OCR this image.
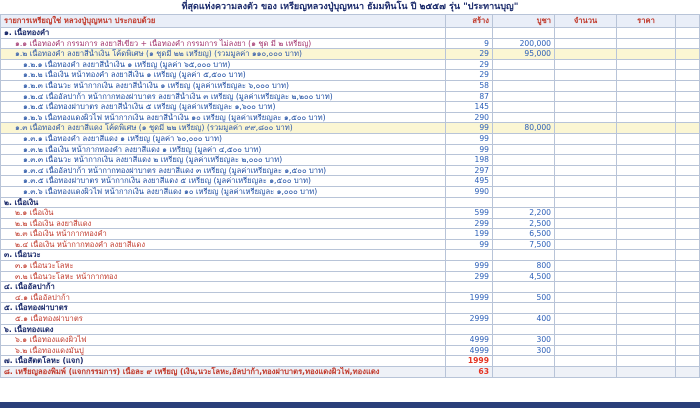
ที่สุดแห่งความลงตัว ของ เหรียญหลวงปู่บุญหนา ธัมมทินโน ปี ๒๕๕๗ รุ่น "ประทานบุญ"
รายการเหรียญใช่ หลวงปู่บุญหนา ประกอบด้วย	สร้าง	บูชา	จำนวน	ราคา	
๑. เนื้อทองคำ					
๑.๑ เนื้อทองคำ กรรมการ ลงยาสีเขียว + เนื้อทองคำ กรรมการ ไม่ลงยา (๑ ชุด มี ๒ เหรียญ)	9	200,000			
๑.๒ เนื้อทองคำ ลงยาสีน้ำเงิน โค้ดพิเศษ (๑ ชุดมี ๒๒ เหรียญ) (รวมมูลค่า ๑๑๐,๐๐๐ บาท)	29	95,000			
๑.๒.๑ เนื้อทองคำ ลงยาสีน้ำเงิน ๑ เหรียญ (มูลค่า ๖๕,๐๐๐ บาท)	29				
๑.๒.๒ เนื้อเงิน หน้าทองคำ ลงยาสีเงิน ๑ เหรียญ (มูลค่า ๕,๕๐๐ บาท)	29				
๑.๒.๓ เนื้อนวะ หน้ากากเงิน ลงยาสีน้ำเงิน ๑ เหรียญ (มูลค่าเหรียญละ ๖,๐๐๐ บาท)	58				
๑.๒.๔ เนื้ออัลปาก้า หน้ากากทองฝาบาตร ลงยาสีน้ำเงิน ๓ เหรียญ (มูลค่าเหรียญละ ๒,๒๐๐ บาท)	87				
๑.๒.๕ เนื้อทองฝาบาตร ลงยาสีน้ำเงิน ๕ เหรียญ (มูลค่าเหรียญละ ๑,๖๐๐ บาท)	145				
๑.๒.๖ เนื้อทองแดงผิวไฟ หน้ากากเงิน ลงยาสีน้ำเงิน ๑๐ เหรียญ (มูลค่าเหรียญละ ๑,๕๐๐ บาท)	290				
๑.๓ เนื้อทองคำ ลงยาสีแดง โค้ดพิเศษ (๑ ชุดมี ๒๒ เหรียญ) (รวมมูลค่า ๙๙,๘๐๐ บาท)	99	80,000			
๑.๓.๑ เนื้อทองคำ ลงยาสีแดง ๑ เหรียญ (มูลค่า ๖๐,๐๐๐ บาท)	99				
๑.๓.๒ เนื้อเงิน หน้ากากทองคำ ลงยาสีแดง ๑ เหรียญ (มูลค่า ๔,๕๐๐ บาท)	99				
๑.๓.๓ เนื้อนวะ หน้ากากเงิน ลงยาสีแดง ๒ เหรียญ (มูลค่าเหรียญละ ๒,๐๐๐ บาท)	198				
๑.๓.๔ เนื้ออัลปาก้า หน้ากากทองฝาบาตร ลงยาสีแดง ๓ เหรียญ (มูลค่าเหรียญละ ๑,๕๐๐ บาท)	297				
๑.๓.๕ เนื้อทองฝาบาตร หน้ากากเงิน ลงยาสีแดง ๕ เหรียญ (มูลค่าเหรียญละ ๑,๕๐๐ บาท)	495				
๑.๓.๖ เนื้อทองแดงผิวไฟ หน้ากากเงิน ลงยาสีแดง ๑๐ เหรียญ (มูลค่าเหรียญละ ๑,๐๐๐ บาท)	990				
๒. เนื้อเงิน					
๒.๑ เนื้อเงิน	599	2,200			
๒.๒ เนื้อเงิน ลงยาสีแดง	299	2,500			
๒.๓ เนื้อเงิน หน้ากากทองคำ	199	6,500			
๒.๔ เนื้อเงิน หน้ากากทองคำ ลงยาสีแดง	99	7,500			
๓. เนื้อนวะ					
๓.๑ เนื้อนวะโลหะ	999	800			
๓.๒ เนื้อนวะโลหะ หน้ากากทอง	299	4,500			
๔. เนื้ออัลปาก้า					
๔.๑ เนื้ออัลปาก้า	1999	500			
๕. เนื้อทองฝาบาตร					
๕.๑ เนื้อทองฝาบาตร	2999	400			
๖. เนื้อทองแดง					
๖.๑ เนื้อทองแดงผิวไฟ	4999	300			
๖.๒ เนื้อทองแดงมันปู	4999	300			
๗. เนื้อสัตตโลหะ (แจก)	1999				
๘. เหรียญลองพิมพ์ (แจกกรรมการ) เนื้อละ ๙ เหรียญ (เงิน,นวะโลหะ,อัลปาก้า,ทองฝาบาตร,ทองแดงผิวไฟ,ทองแดง	63				
